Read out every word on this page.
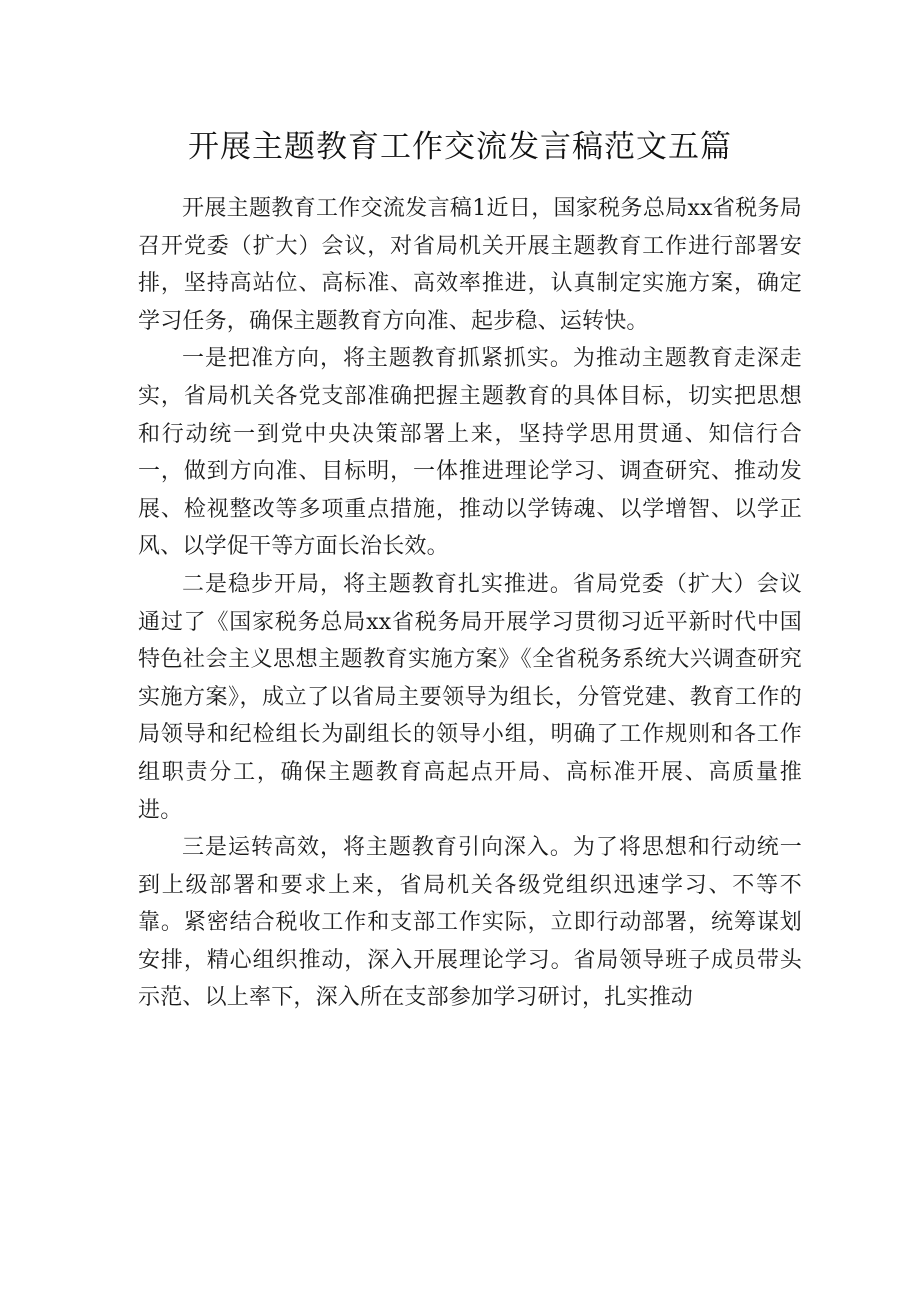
开展主题教育工作交流发言稿范文五篇

开展主题教育工作交流发言稿1近日，国家税务总局xx省税务局召开党委（扩大）会议，对省局机关开展主题教育工作进行部署安排，坚持高站位、高标准、高效率推进，认真制定实施方案，确定学习任务，确保主题教育方向准、起步稳、运转快。

一是把准方向，将主题教育抓紧抓实。为推动主题教育走深走实，省局机关各党支部准确把握主题教育的具体目标，切实把思想和行动统一到党中央决策部署上来，坚持学思用贯通、知信行合一，做到方向准、目标明，一体推进理论学习、调查研究、推动发展、检视整改等多项重点措施，推动以学铸魂、以学增智、以学正风、以学促干等方面长治长效。

二是稳步开局，将主题教育扎实推进。省局党委（扩大）会议通过了《国家税务总局xx省税务局开展学习贯彻习近平新时代中国特色社会主义思想主题教育实施方案》《全省税务系统大兴调查研究实施方案》，成立了以省局主要领导为组长，分管党建、教育工作的局领导和纪检组长为副组长的领导小组，明确了工作规则和各工作组职责分工，确保主题教育高起点开局、高标准开展、高质量推进。

三是运转高效，将主题教育引向深入。为了将思想和行动统一到上级部署和要求上来，省局机关各级党组织迅速学习、不等不靠。紧密结合税收工作和支部工作实际，立即行动部署，统筹谋划安排，精心组织推动，深入开展理论学习。省局领导班子成员带头示范、以上率下，深入所在支部参加学习研讨，扎实推动
